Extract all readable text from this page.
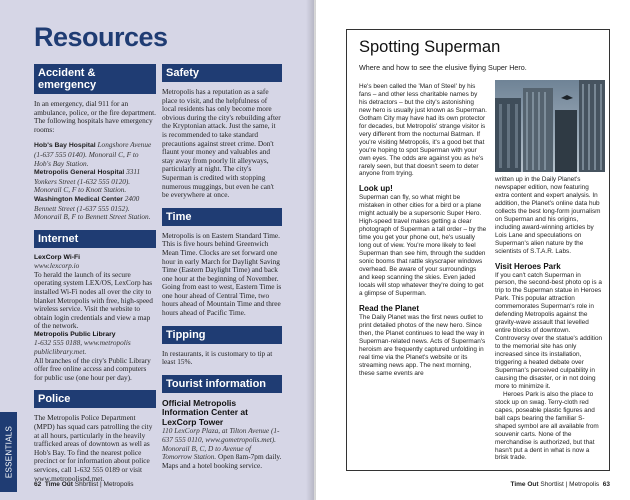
Resources
Accident & emergency
In an emergency, dial 911 for an ambulance, police, or the fire department. The following hospitals have emergency rooms:
Hob's Bay Hospital Longshore Avenue (1-637 555 0140). Monorail C, F to Hob's Bay Station.
Metropolis General Hospital 3311 Yonkers Street (1-632 555 0120). Monorail C, F to Knott Station.
Washington Medical Center 2400 Bennett Street (1-637 555 0152). Monorail B, F to Bennett Street Station.
Internet
LexCorp Wi-Fi
www.lexcorp.io
To herald the launch of its secure operating system LEX/OS, LexCorp has installed Wi-Fi nodes all over the city to blanket Metropolis with free, high-speed wireless service. Visit the website to obtain login credentials and view a map of the network.
Metropolis Public Library
1-632 555 0188, www.metropolis publiclibrary.met.
All branches of the city's Public Library offer free online access and computers for public use (one hour per day).
Police
The Metropolis Police Department (MPD) has squad cars patrolling the city at all hours, particularly in the heavily trafficked areas of downtown as well as Hob's Bay. To find the nearest police precinct or for information about police services, call 1-632 555 0189 or visit www.metropolispd.met.
Safety
Metropolis has a reputation as a safe place to visit, and the helpfulness of local residents has only become more obvious during the city's rebuilding after the Kryptonian attack. Just the same, it is recommended to take standard precautions against street crime. Don't flaunt your money and valuables and stay away from poorly lit alleyways, particularly at night. The city's Superman is credited with stopping numerous muggings, but even he can't be everywhere at once.
Time
Metropolis is on Eastern Standard Time. This is five hours behind Greenwich Mean Time. Clocks are set forward one hour in early March for Daylight Saving Time (Eastern Daylight Time) and back one hour at the beginning of November. Going from east to west, Eastern Time is one hour ahead of Central Time, two hours ahead of Mountain Time and three hours ahead of Pacific Time.
Tipping
In restaurants, it is customary to tip at least 15%.
Tourist information
Official Metropolis Information Center at LexCorp Tower
110 LexCorp Plaza, at Tilton Avenue (1-637 555 0110, www.gometropolis.met). Monorail B, C, D to Avenue of Tomorrow Station. Open 8am-7pm daily.
Maps and a hotel booking service.
ESSENTIALS
62 Time Out Shortlist | Metropolis
Spotting Superman
Where and how to see the elusive flying Super Hero.

He's been called the 'Man of Steel' by his fans – and other less charitable names by his detractors – but the city's astonishing new hero is usually just known as Superman. Gotham City may have had its own protector for decades, but Metropolis' strange visitor is very different from the nocturnal Batman. If you're visiting Metropolis, it's a good bet that you're hoping to spot Superman with your own eyes. The odds are against you as he's rarely seen, but that doesn't seem to deter anyone from trying.

Look up!

Superman can fly, so what might be mistaken in other cities for a bird or a plane might actually be a supersonic Super Hero. High-speed travel makes getting a clear photograph of Superman a tall order – by the time you get your phone out, he's usually long out of view. You're more likely to feel Superman than see him, through the sudden sonic booms that rattle skyscraper windows overhead. Be aware of your surroundings and keep scanning the skies. Even jaded locals will stop whatever they're doing to get a glimpse of Superman.

Read the Planet

The Daily Planet was the first news outlet to print detailed photos of the new hero. Since then, the Planet continues to lead the way in Superman-related news. Acts of Superman's heroism are frequently captured unfolding in real time via the Planet's website or its streaming news app. The next morning, these same events are

written up in the Daily Planet's newspaper edition, now featuring extra content and expert analysis. In addition, the Planet's online data hub collects the best long-form journalism on Superman and his origins, including award-winning articles by Lois Lane and speculations on Superman's alien nature by the scientists of S.T.A.R. Labs.

Visit Heroes Park

If you can't catch Superman in person, the second-best photo op is a trip to the Superman statue in Heroes Park. This popular attraction commemorates Superman's role in defending Metropolis against the gravity-wave assault that levelled entire blocks of downtown. Controversy over the statue's addition to the memorial site has only increased since its installation, triggering a heated debate over Superman's perceived culpability in causing the disaster, or in not doing more to minimize it.

Heroes Park is also the place to stock up on swag. Terry-cloth red capes, poseable plastic figures and ball caps bearing the familiar S-shaped symbol are all available from souvenir carts. None of the merchandise is authorized, but that hasn't put a dent in what is now a brisk trade.

Time Out Shortlist | Metropolis 63
